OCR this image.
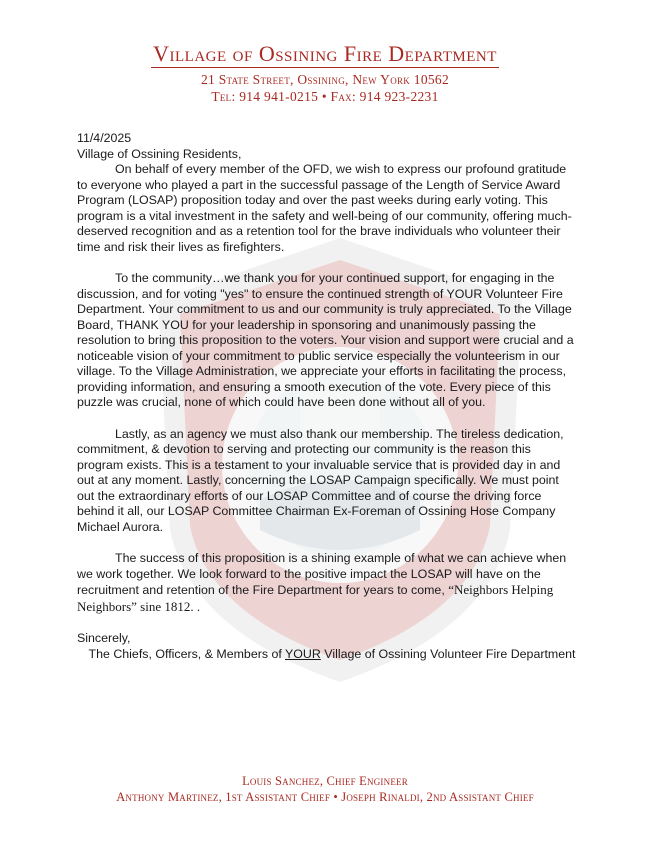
Village of Ossining Fire Department
21 State Street, Ossining, New York 10562
Tel: 914 941-0215 • Fax: 914 923-2231

11/4/2025

Village of Ossining Residents,

On behalf of every member of the OFD, we wish to express our profound gratitude to everyone who played a part in the successful passage of the Length of Service Award Program (LOSAP) proposition today and over the past weeks during early voting. This program is a vital investment in the safety and well-being of our community, offering much-deserved recognition and as a retention tool for the brave individuals who volunteer their time and risk their lives as firefighters.

To the community…we thank you for your continued support, for engaging in the discussion, and for voting "yes" to ensure the continued strength of YOUR Volunteer Fire Department. Your commitment to us and our community is truly appreciated. To the Village Board, THANK YOU for your leadership in sponsoring and unanimously passing the resolution to bring this proposition to the voters. Your vision and support were crucial and a noticeable vision of your commitment to public service especially the volunteerism in our village. To the Village Administration, we appreciate your efforts in facilitating the process, providing information, and ensuring a smooth execution of the vote. Every piece of this puzzle was crucial, none of which could have been done without all of you.

Lastly, as an agency we must also thank our membership. The tireless dedication, commitment, & devotion to serving and protecting our community is the reason this program exists. This is a testament to your invaluable service that is provided day in and out at any moment. Lastly, concerning the LOSAP Campaign specifically. We must point out the extraordinary efforts of our LOSAP Committee and of course the driving force behind it all, our LOSAP Committee Chairman Ex-Foreman of Ossining Hose Company Michael Aurora.

The success of this proposition is a shining example of what we can achieve when we work together. We look forward to the positive impact the LOSAP will have on the recruitment and retention of the Fire Department for years to come, “Neighbors Helping Neighbors” sine 1812. .

Sincerely,

The Chiefs, Officers, & Members of YOUR Village of Ossining Volunteer Fire Department

Louis Sanchez, Chief Engineer
Anthony Martinez, 1st Assistant Chief • Joseph Rinaldi, 2nd Assistant Chief
